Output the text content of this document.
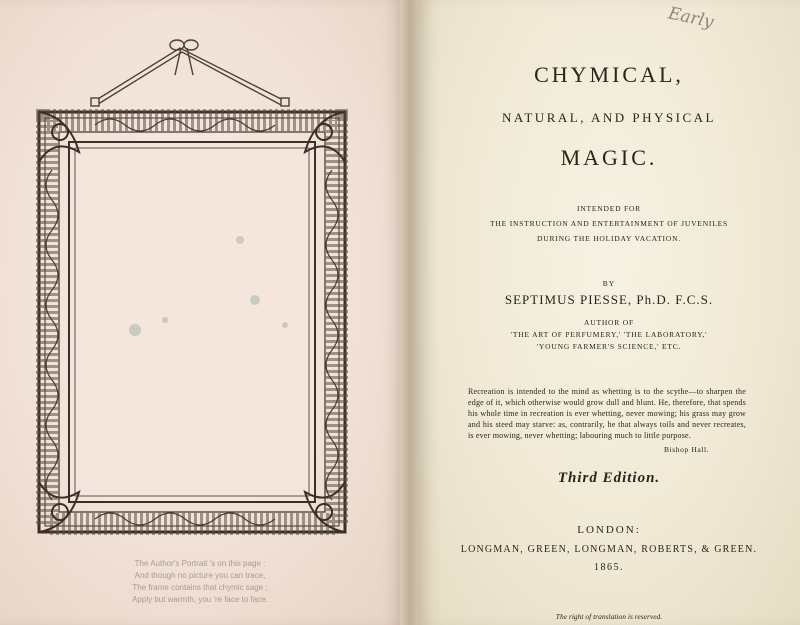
The Author's Portrait 's on this page :
And though no picture you can trace,
The frame contains that chymic sage ;
Apply but warmth, you 're face to face.
Early
CHYMICAL,
NATURAL, AND PHYSICAL
MAGIC.
INTENDED FOR
THE INSTRUCTION AND ENTERTAINMENT OF JUVENILES
DURING THE HOLIDAY VACATION.
BY
SEPTIMUS PIESSE, Ph.D. F.C.S.
AUTHOR OF
'THE ART OF PERFUMERY,' 'THE LABORATORY,'
'YOUNG FARMER'S SCIENCE,' ETC.
Recreation is intended to the mind as whetting is to the scythe—to sharpen the edge of it, which otherwise would grow dull and blunt. He, therefore, that spends his whole time in recreation is ever whetting, never mowing; his grass may grow and his steed may starve: as, contrarily, he that always toils and never recreates, is ever mowing, never whetting; labouring much to little purpose.
Bishop Hall.
Third Edition.
LONDON:
LONGMAN, GREEN, LONGMAN, ROBERTS, & GREEN.
1865.
The right of translation is reserved.
